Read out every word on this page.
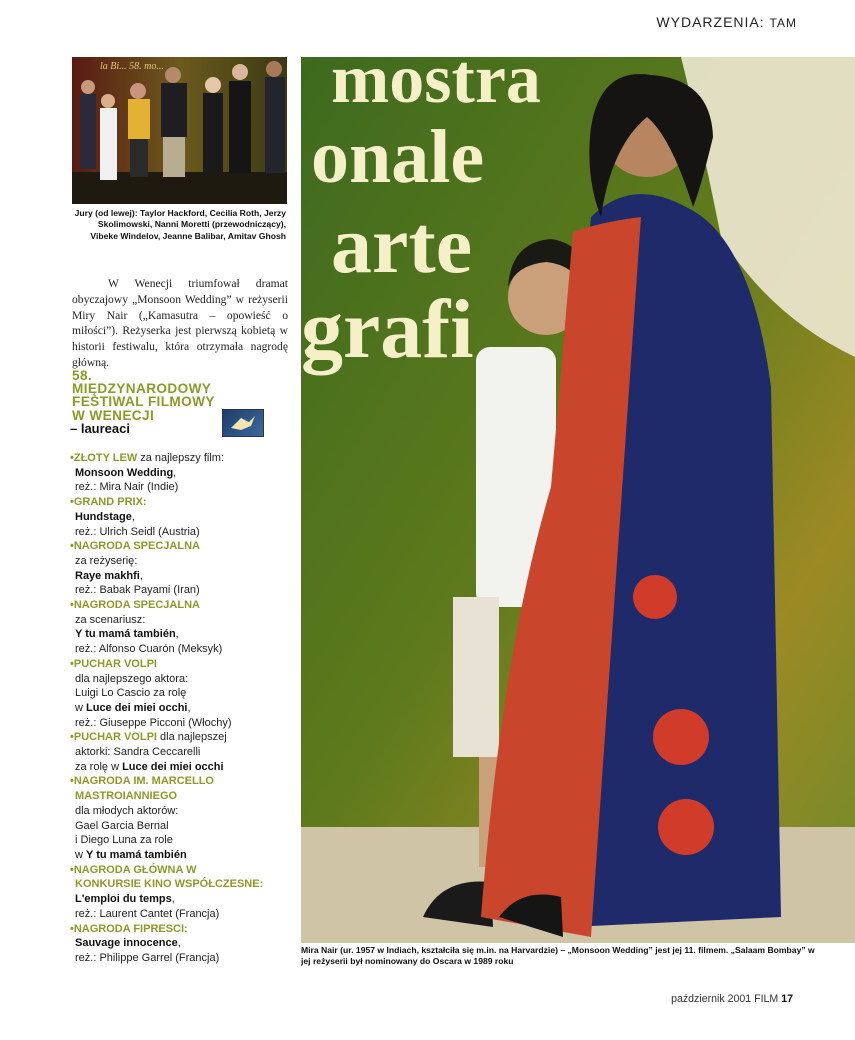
WYDARZENIA: TAM
la Bi... 58. mo...
Jury (od lewej): Taylor Hackford, Cecilia Roth, Jerzy Skolimowski, Nanni Moretti (przewodniczący), Vibeke Windelov, Jeanne Balibar, Amitav Ghosh
W Wenecji triumfował dramat obyczajowy „Monsoon Wedding” w reżyserii Miry Nair („Kamasutra – opowieść o miłości”). Reżyserka jest pierwszą kobietą w historii festiwalu, która otrzymała nagrodę główną.
58.
MIĘDZYNARODOWY
FESTIWAL FILMOWY
W WENECJI
– laureaci
•ZŁOTY LEW za najlepszy film:
Monsoon Wedding,
reż.: Mira Nair (Indie)
•GRAND PRIX:
Hundstage,
reż.: Ulrich Seidl (Austria)
•NAGRODA SPECJALNA
za reżyserię:
Raye makhfi,
reż.: Babak Payami (Iran)
•NAGRODA SPECJALNA
za scenariusz:
Y tu mamá también,
reż.: Alfonso Cuarón (Meksyk)
•PUCHAR VOLPI
dla najlepszego aktora:
Luigi Lo Cascio za rolę
w Luce dei miei occhi,
reż.: Giuseppe Picconi (Włochy)
•PUCHAR VOLPI dla najlepszej
aktorki: Sandra Ceccarelli
za rolę w Luce dei miei occhi
•NAGRODA IM. MARCELLO
MASTROIANNIEGO
dla młodych aktorów:
Gael Garcia Bernal
i Diego Luna za role
w Y tu mamá también
•NAGRODA GŁÓWNA W
KONKURSIE KINO WSPÓŁCZESNE:
L'emploi du temps,
reż.: Laurent Cantet (Francja)
•NAGRODA FIPRESCI:
Sauvage innocence,
reż.: Philippe Garrel (Francja)
mostra
onale
arte
grafi
Mira Nair (ur. 1957 w Indiach, kształciła się m.in. na Harvardzie) – „Monsoon Wedding” jest jej 11. filmem. „Salaam Bombay” w jej reżyserii był nominowany do Oscara w 1989 roku
październik 2001 FILM 17
